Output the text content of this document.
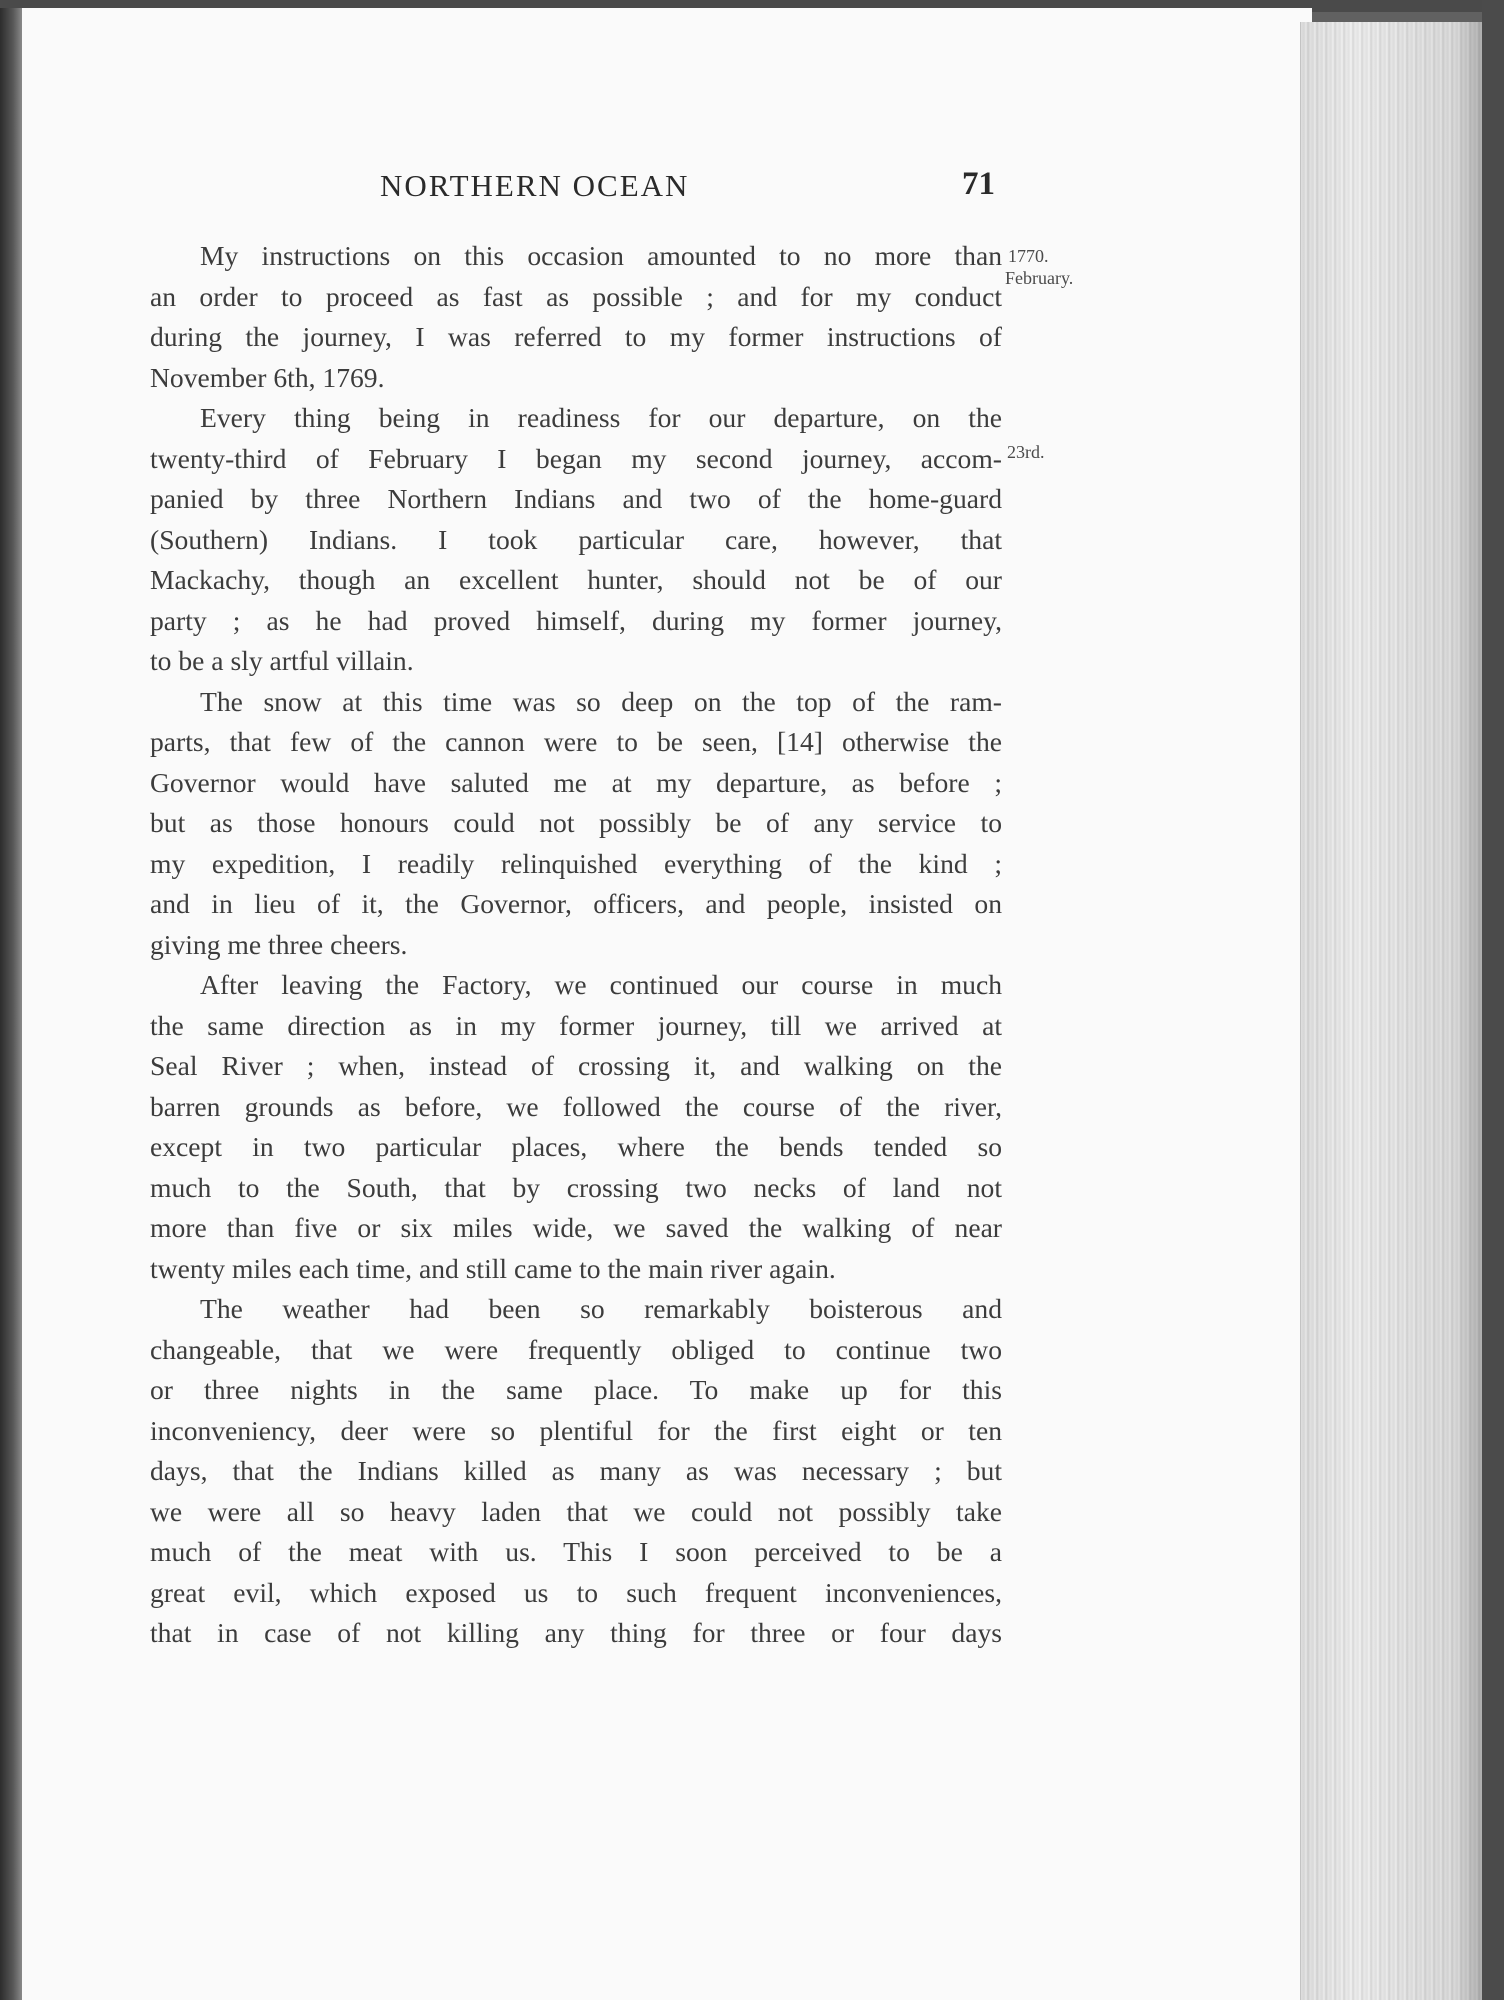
NORTHERN OCEAN	71
1770.
February.
23rd.
My instructions on this occasion amounted to no more than
an order to proceed as fast as possible ; and for my conduct
during the journey, I was referred to my former instructions of
November 6th, 1769.
Every thing being in readiness for our departure, on the
twenty-third of February I began my second journey, accom-
panied by three Northern Indians and two of the home-guard
(Southern) Indians. I took particular care, however, that
Mackachy, though an excellent hunter, should not be of our
party ; as he had proved himself, during my former journey,
to be a sly artful villain.
The snow at this time was so deep on the top of the ram-
parts, that few of the cannon were to be seen, [14] otherwise the
Governor would have saluted me at my departure, as before ;
but as those honours could not possibly be of any service to
my expedition, I readily relinquished everything of the kind ;
and in lieu of it, the Governor, officers, and people, insisted on
giving me three cheers.
After leaving the Factory, we continued our course in much
the same direction as in my former journey, till we arrived at
Seal River ; when, instead of crossing it, and walking on the
barren grounds as before, we followed the course of the river,
except in two particular places, where the bends tended so
much to the South, that by crossing two necks of land not
more than five or six miles wide, we saved the walking of near
twenty miles each time, and still came to the main river again.
The weather had been so remarkably boisterous and
changeable, that we were frequently obliged to continue two
or three nights in the same place. To make up for this
inconveniency, deer were so plentiful for the first eight or ten
days, that the Indians killed as many as was necessary ; but
we were all so heavy laden that we could not possibly take
much of the meat with us. This I soon perceived to be a
great evil, which exposed us to such frequent inconveniences,
that in case of not killing any thing for three or four days
